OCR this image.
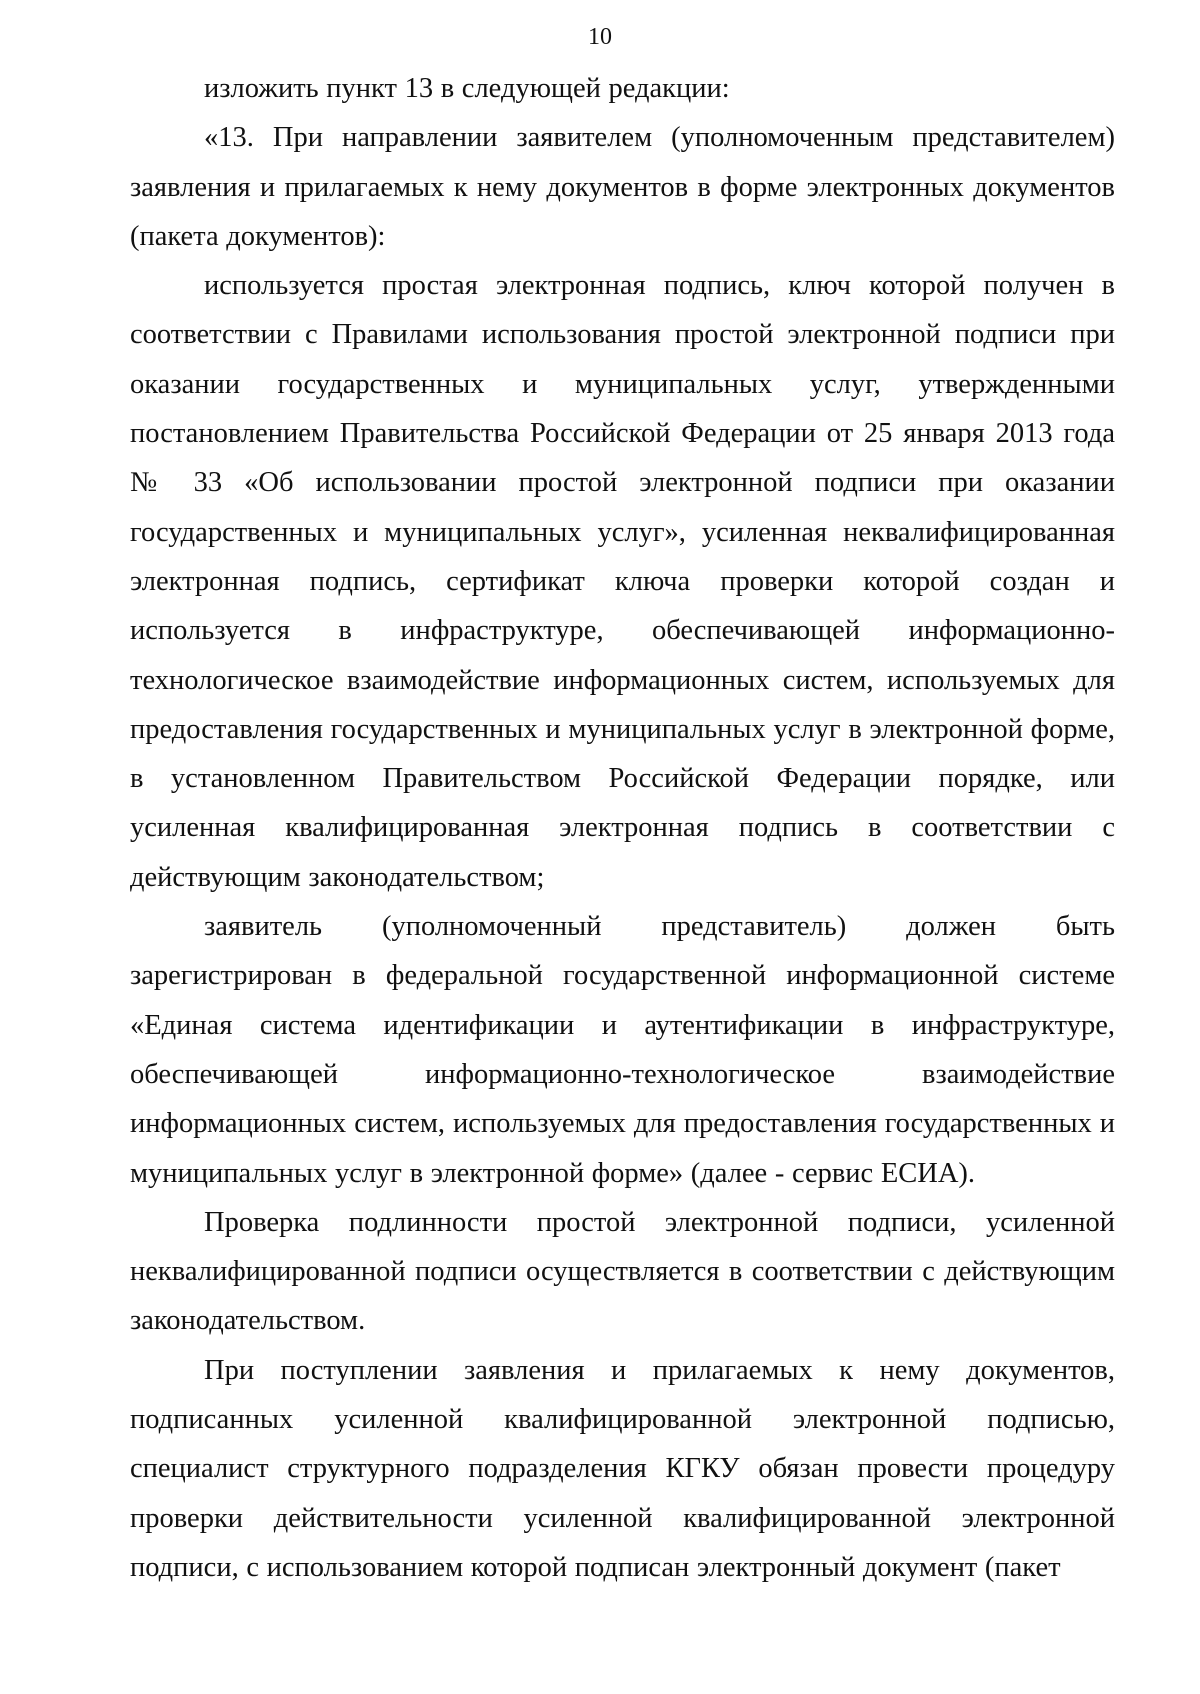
10

изложить пункт 13 в следующей редакции:

«13. При направлении заявителем (уполномоченным представителем) заявления и прилагаемых к нему документов в форме электронных документов (пакета документов):

используется простая электронная подпись, ключ которой получен в соответствии с Правилами использования простой электронной подписи при оказании государственных и муниципальных услуг, утвержденными постановлением Правительства Российской Федерации от 25 января 2013 года № 33 «Об использовании простой электронной подписи при оказании государственных и муниципальных услуг», усиленная неквалифицированная электронная подпись, сертификат ключа проверки которой создан и используется в инфраструктуре, обеспечивающей информационно-технологическое взаимодействие информационных систем, используемых для предоставления государственных и муниципальных услуг в электронной форме, в установленном Правительством Российской Федерации порядке, или усиленная квалифицированная электронная подпись в соответствии с действующим законодательством;

заявитель (уполномоченный представитель) должен быть зарегистрирован в федеральной государственной информационной системе «Единая система идентификации и аутентификации в инфраструктуре, обеспечивающей информационно-технологическое взаимодействие информационных систем, используемых для предоставления государственных и муниципальных услуг в электронной форме» (далее - сервис ЕСИА).

Проверка подлинности простой электронной подписи, усиленной неквалифицированной подписи осуществляется в соответствии с действующим законодательством.

При поступлении заявления и прилагаемых к нему документов, подписанных усиленной квалифицированной электронной подписью, специалист структурного подразделения КГКУ обязан провести процедуру проверки действительности усиленной квалифицированной электронной подписи, с использованием которой подписан электронный документ (пакет
